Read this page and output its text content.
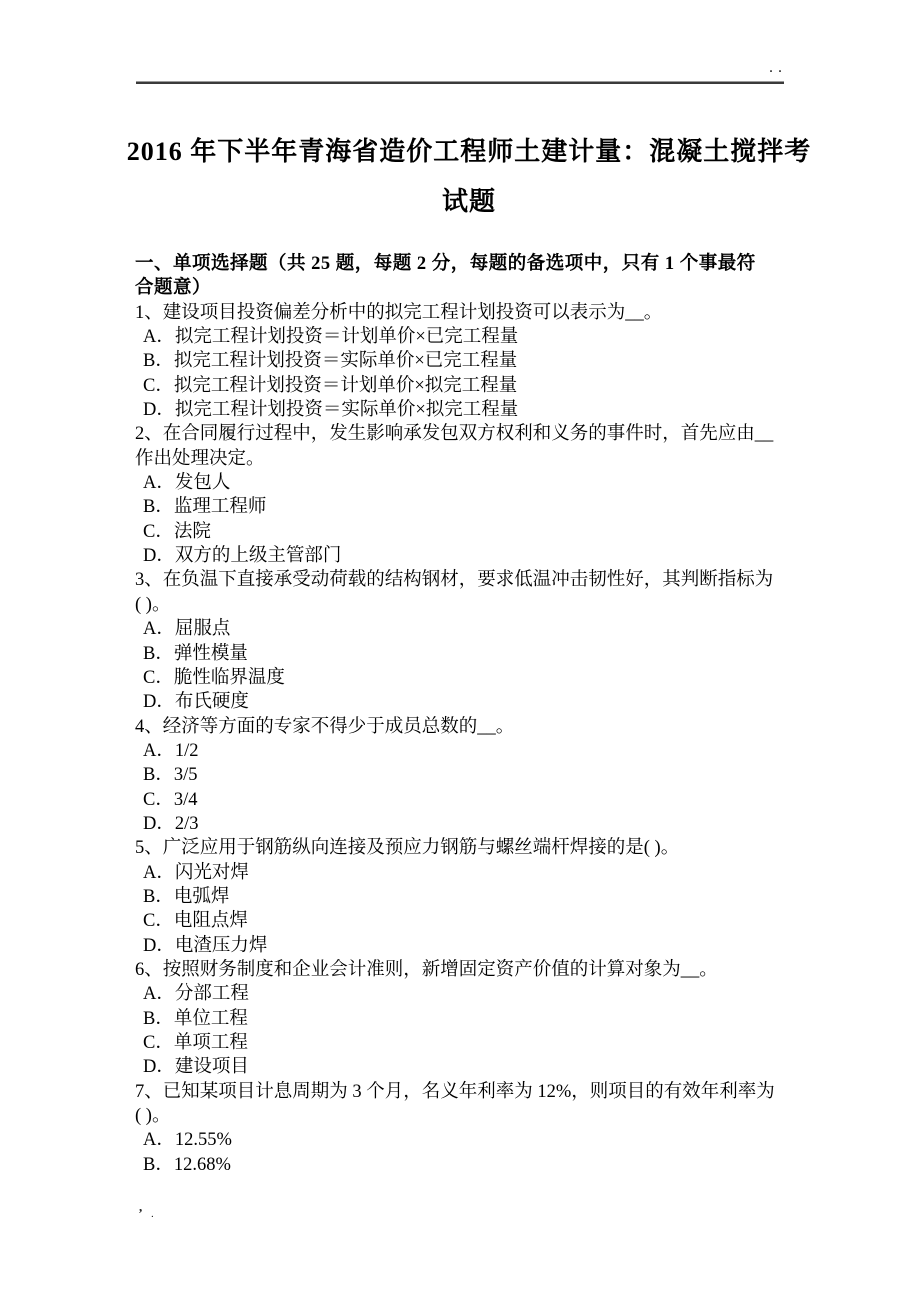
..
2016 年下半年青海省造价工程师土建计量：混凝土搅拌考
试题
一、单项选择题（共 25 题，每题 2 分，每题的备选项中，只有 1 个事最符
合题意）
1、建设项目投资偏差分析中的拟完工程计划投资可以表示为__。
A．拟完工程计划投资＝计划单价×已完工程量
B．拟完工程计划投资＝实际单价×已完工程量
C．拟完工程计划投资＝计划单价×拟完工程量
D．拟完工程计划投资＝实际单价×拟完工程量
2、在合同履行过程中，发生影响承发包双方权利和义务的事件时，首先应由__
作出处理决定。
A．发包人
B．监理工程师
C．法院
D．双方的上级主管部门
3、在负温下直接承受动荷载的结构钢材，要求低温冲击韧性好，其判断指标为
( )。
A．屈服点
B．弹性模量
C．脆性临界温度
D．布氏硬度
4、经济等方面的专家不得少于成员总数的__。
A．1/2
B．3/5
C．3/4
D．2/3
5、广泛应用于钢筋纵向连接及预应力钢筋与螺丝端杆焊接的是( )。
A．闪光对焊
B．电弧焊
C．电阻点焊
D．电渣压力焊
6、按照财务制度和企业会计准则，新增固定资产价值的计算对象为__。
A．分部工程
B．单位工程
C．单项工程
D．建设项目
7、已知某项目计息周期为 3 个月，名义年利率为 12%，则项目的有效年利率为
( )。
A．12.55%
B．12.68%
, .
